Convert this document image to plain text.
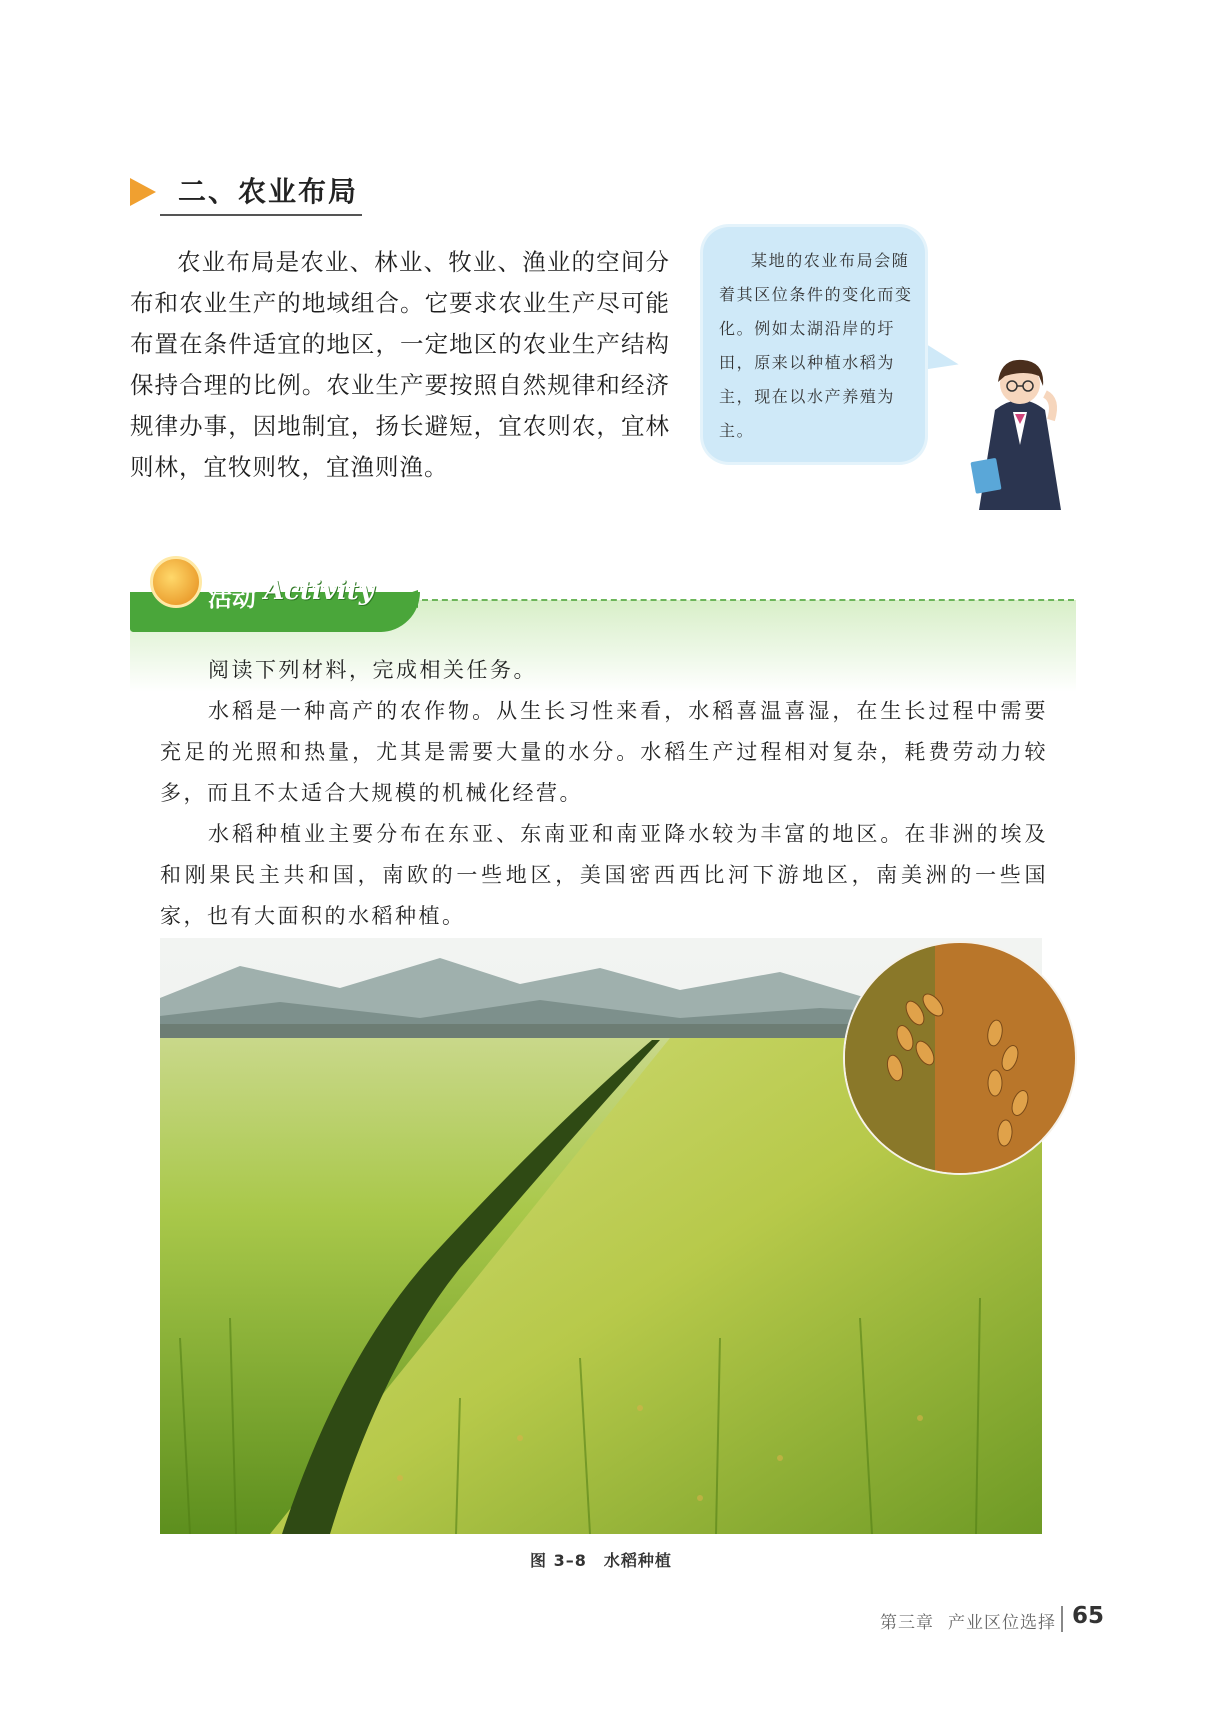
二、农业布局

农业布局是农业、林业、牧业、渔业的空间分布和农业生产的地域组合。它要求农业生产尽可能布置在条件适宜的地区，一定地区的农业生产结构保持合理的比例。农业生产要按照自然规律和经济规律办事，因地制宜，扬长避短，宜农则农，宜林则林，宜牧则牧，宜渔则渔。

某地的农业布局会随着其区位条件的变化而变化。例如太湖沿岸的圩田，原来以种植水稻为主，现在以水产养殖为主。

活动 Activity

阅读下列材料，完成相关任务。

水稻是一种高产的农作物。从生长习性来看，水稻喜温喜湿，在生长过程中需要充足的光照和热量，尤其是需要大量的水分。水稻生产过程相对复杂，耗费劳动力较多，而且不太适合大规模的机械化经营。

水稻种植业主要分布在东亚、东南亚和南亚降水较为丰富的地区。在非洲的埃及和刚果民主共和国，南欧的一些地区，美国密西西比河下游地区，南美洲的一些国家，也有大面积的水稻种植。

图 3–8　水稻种植
第三章 产业区位选择 65
